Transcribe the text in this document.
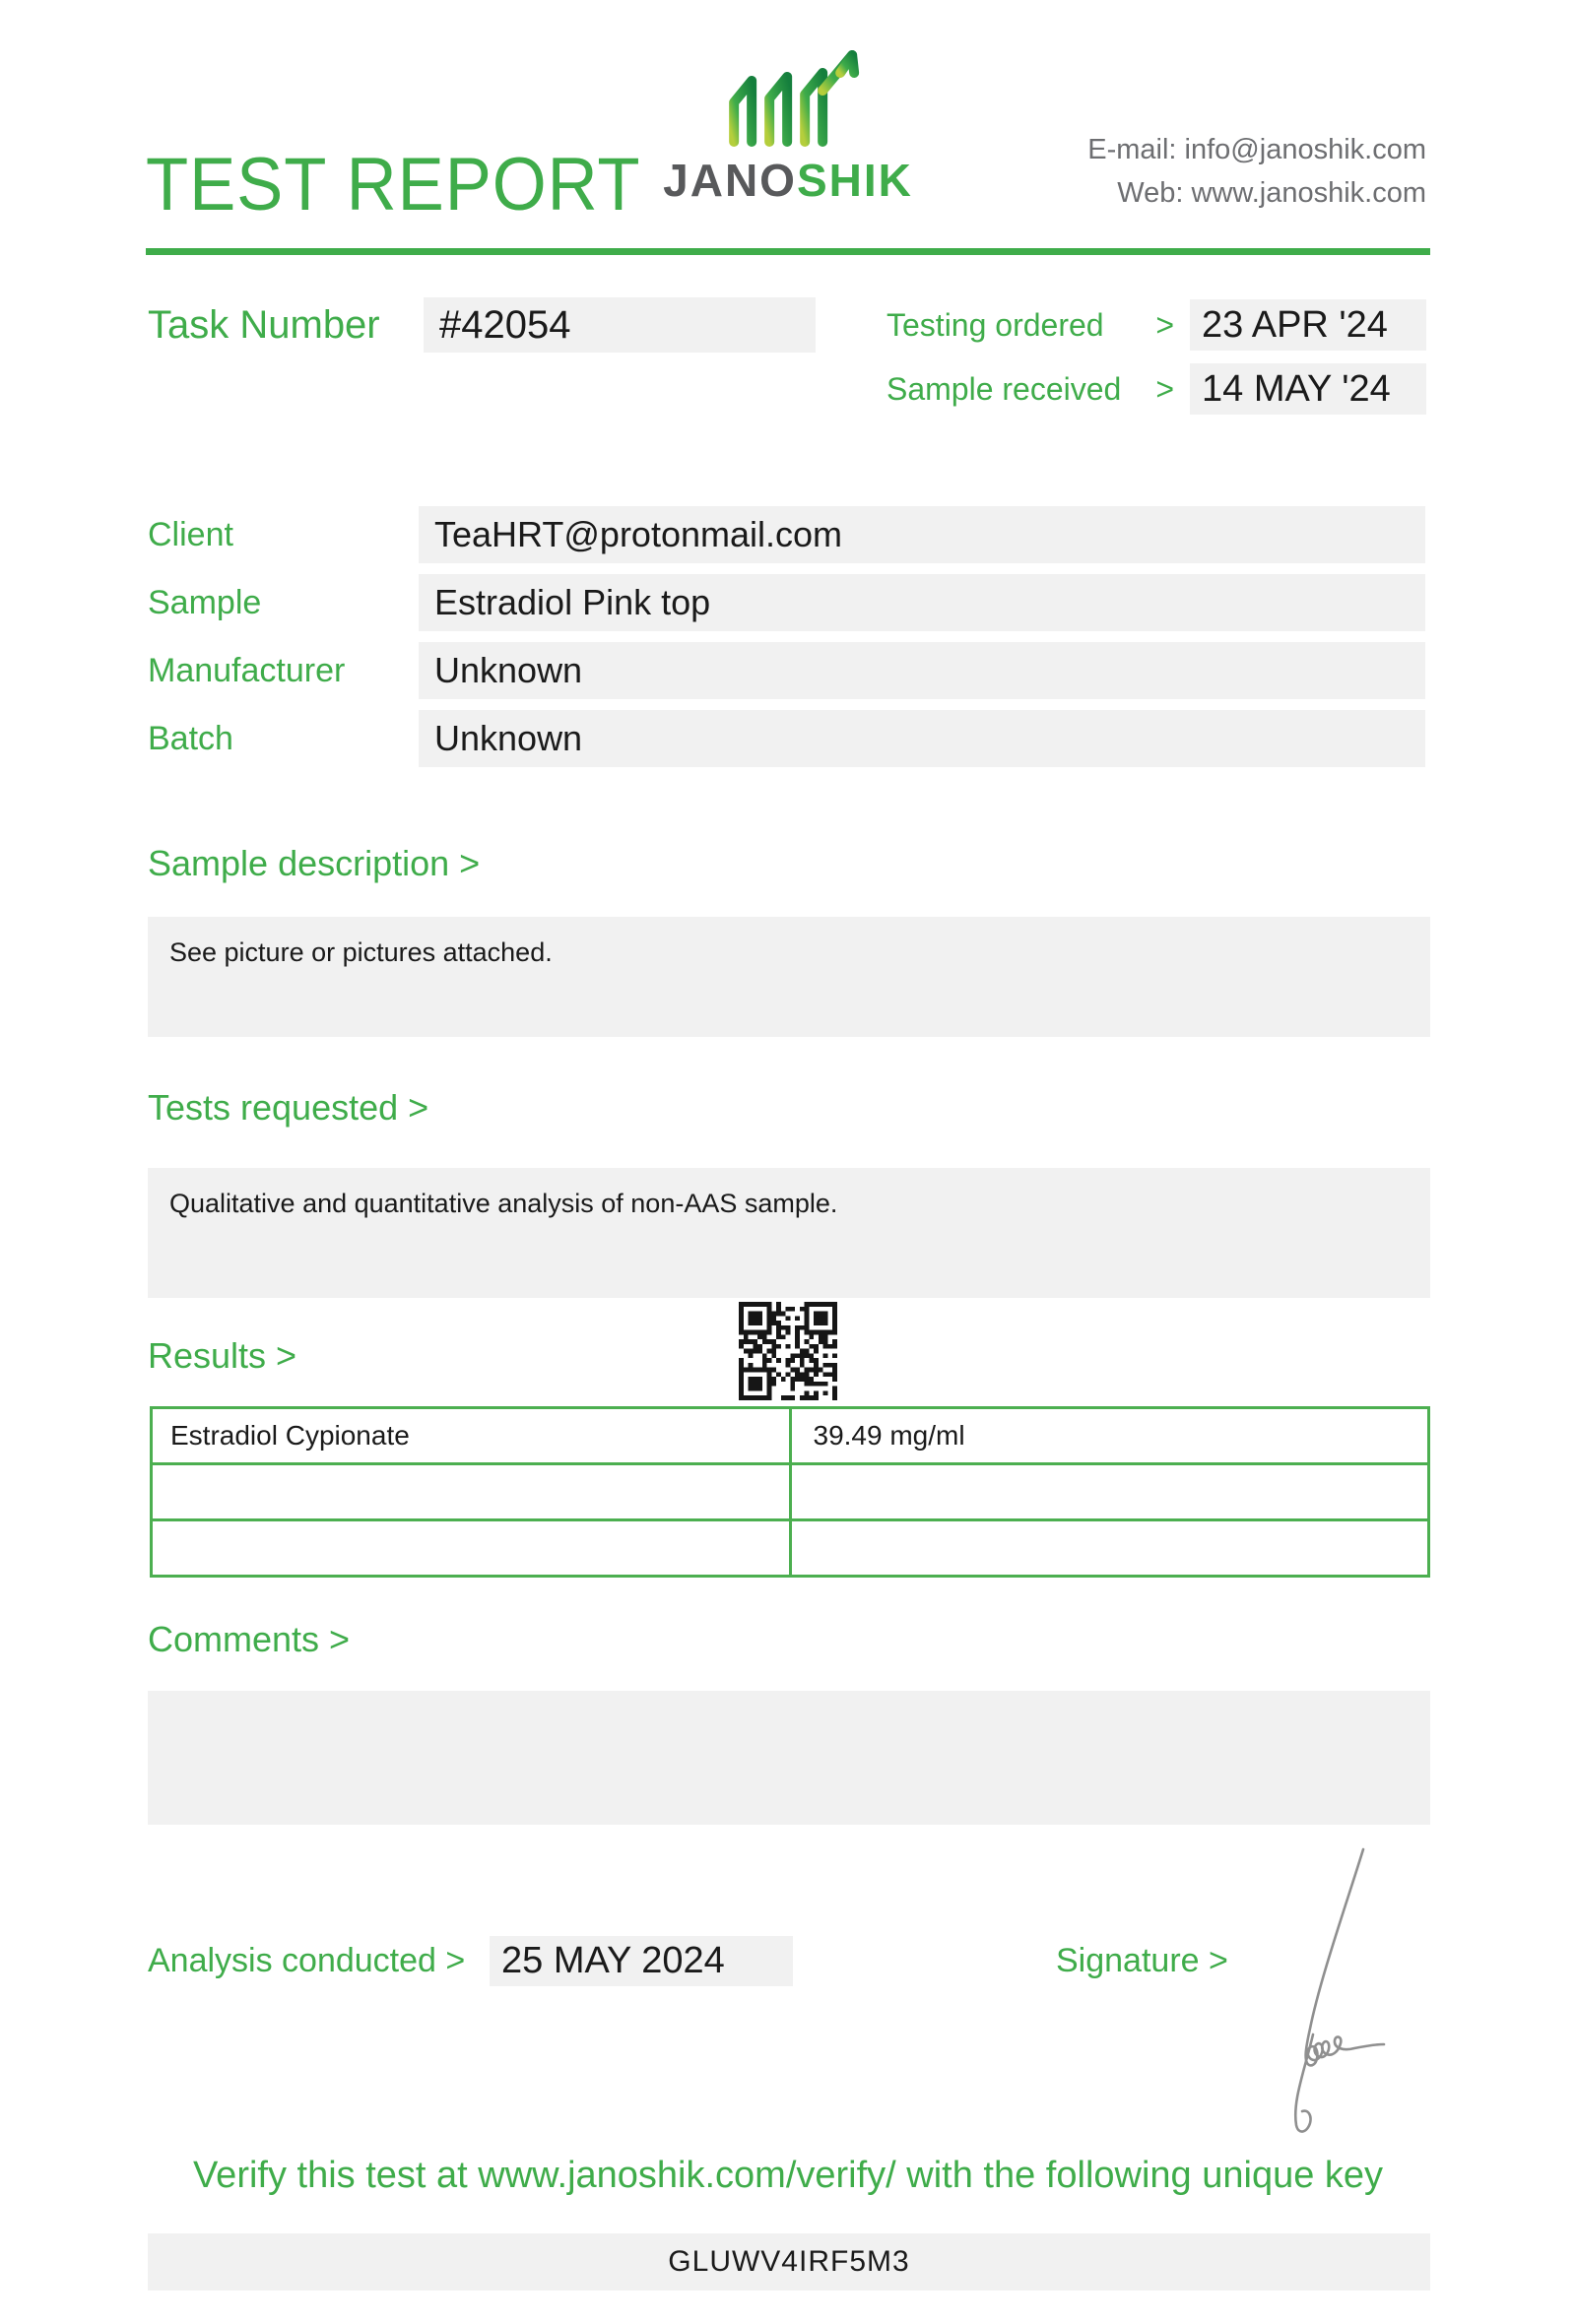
TEST REPORT JANOSHIK
E-mail: info@janoshik.com
Web: www.janoshik.com
Task Number	#42054	Testing ordered	> 23 APR '24
Sample received	> 14 MAY '24
Client	TeaHRT@protonmail.com
Sample	Estradiol Pink top
Manufacturer	Unknown
Batch	Unknown
Sample description >
See picture or pictures attached.
Tests requested >
Qualitative and quantitative analysis of non-AAS sample.
Results >
Estradiol Cypionate	39.49 mg/ml

Comments >
Analysis conducted > 25 MAY 2024	Signature >
Verify this test at www.janoshik.com/verify/ with the following unique key
GLUWV4IRF5M3
